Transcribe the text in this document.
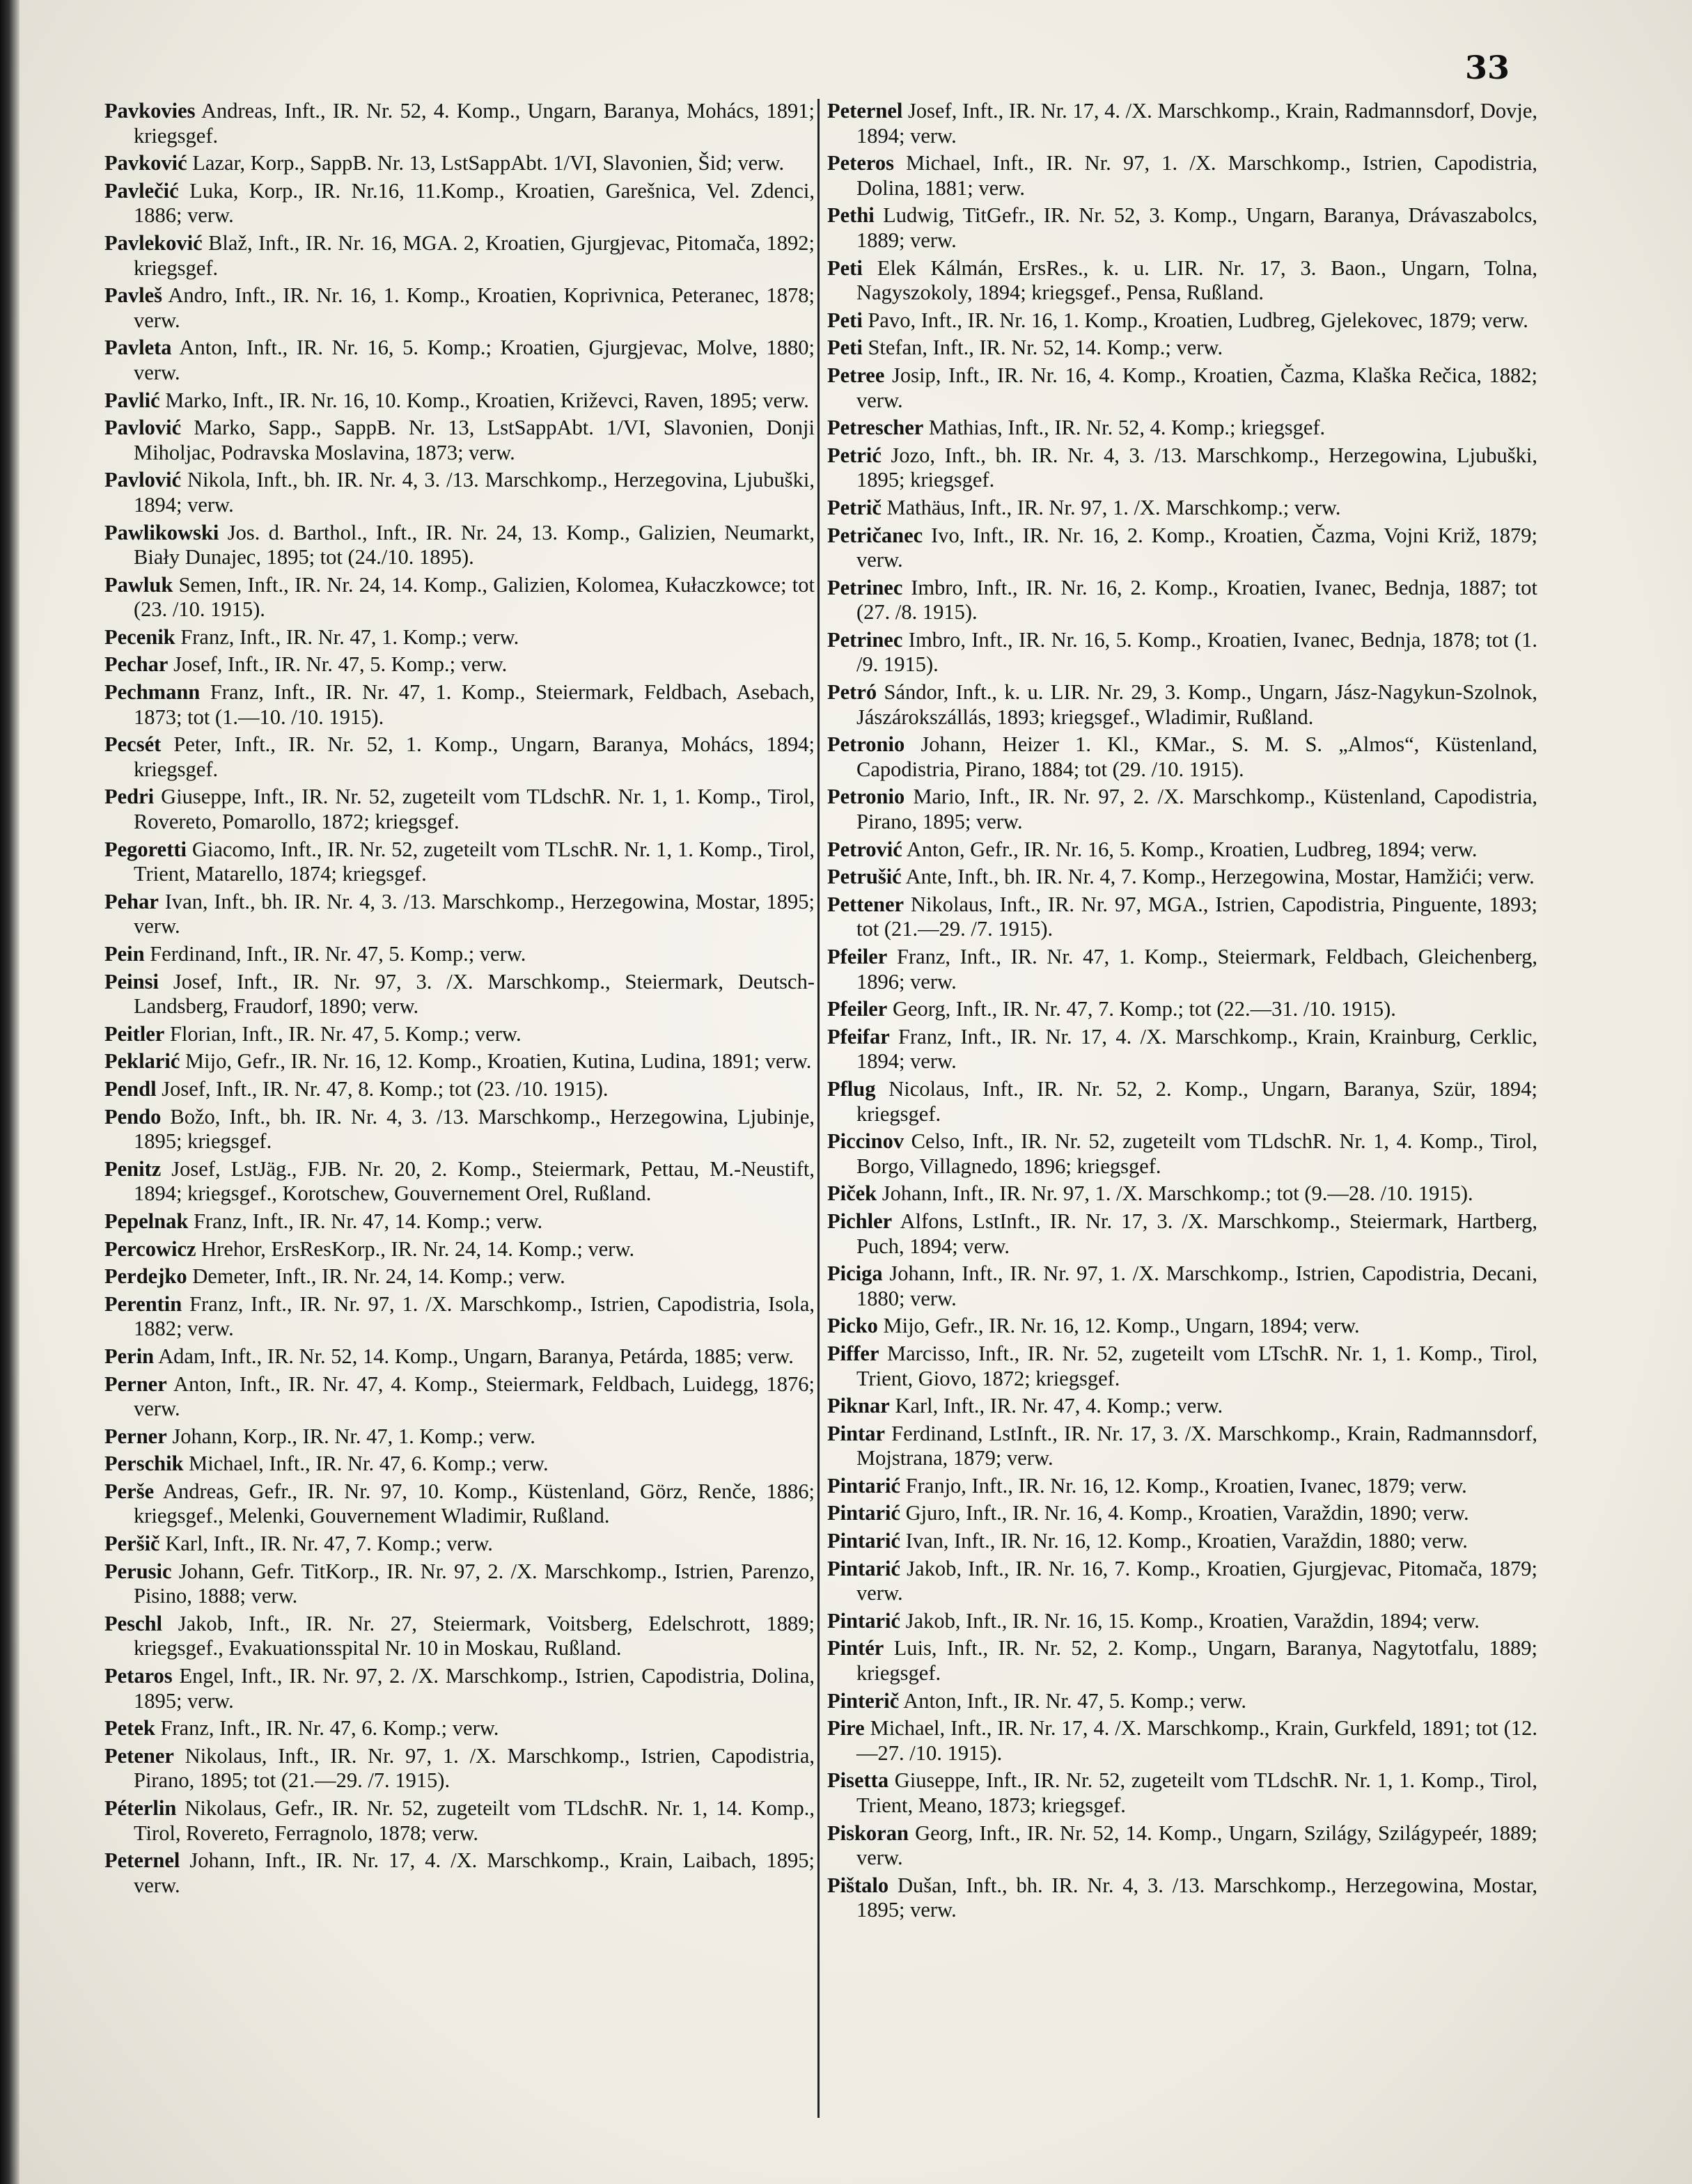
33

Pavkovies Andreas, Inft., IR. Nr. 52, 4. Komp., Ungarn, Baranya, Mohács, 1891; kriegsgef.

Pavković Lazar, Korp., SappB. Nr. 13, LstSappAbt. 1/VI, Slavonien, Šid; verw.

Pavlečić Luka, Korp., IR. Nr.16, 11.Komp., Kroatien, Garešnica, Vel. Zdenci, 1886; verw.

Pavleković Blaž, Inft., IR. Nr. 16, MGA. 2, Kroatien, Gjurgjevac, Pitomača, 1892; kriegsgef.

Pavleš Andro, Inft., IR. Nr. 16, 1. Komp., Kroatien, Koprivnica, Peteranec, 1878; verw.

Pavleta Anton, Inft., IR. Nr. 16, 5. Komp.; Kroatien, Gjurgjevac, Molve, 1880; verw.

Pavlić Marko, Inft., IR. Nr. 16, 10. Komp., Kroatien, Križevci, Raven, 1895; verw.

Pavlović Marko, Sapp., SappB. Nr. 13, LstSappAbt. 1/VI, Slavonien, Donji Miholjac, Podravska Moslavina, 1873; verw.

Pavlović Nikola, Inft., bh. IR. Nr. 4, 3. /13. Marschkomp., Herzegovina, Ljubuški, 1894; verw.

Pawlikowski Jos. d. Barthol., Inft., IR. Nr. 24, 13. Komp., Galizien, Neumarkt, Biały Dunajec, 1895; tot (24./10. 1895).

Pawluk Semen, Inft., IR. Nr. 24, 14. Komp., Galizien, Kolomea, Kułaczkowce; tot (23. /10. 1915).

Pecenik Franz, Inft., IR. Nr. 47, 1. Komp.; verw.

Pechar Josef, Inft., IR. Nr. 47, 5. Komp.; verw.

Pechmann Franz, Inft., IR. Nr. 47, 1. Komp., Steiermark, Feldbach, Asebach, 1873; tot (1.—10. /10. 1915).

Pecsét Peter, Inft., IR. Nr. 52, 1. Komp., Ungarn, Baranya, Mohács, 1894; kriegsgef.

Pedri Giuseppe, Inft., IR. Nr. 52, zugeteilt vom TLdschR. Nr. 1, 1. Komp., Tirol, Rovereto, Pomarollo, 1872; kriegsgef.

Pegoretti Giacomo, Inft., IR. Nr. 52, zugeteilt vom TLschR. Nr. 1, 1. Komp., Tirol, Trient, Matarello, 1874; kriegsgef.

Pehar Ivan, Inft., bh. IR. Nr. 4, 3. /13. Marschkomp., Herzegowina, Mostar, 1895; verw.

Pein Ferdinand, Inft., IR. Nr. 47, 5. Komp.; verw.

Peinsi Josef, Inft., IR. Nr. 97, 3. /X. Marschkomp., Steiermark, Deutsch-Landsberg, Fraudorf, 1890; verw.

Peitler Florian, Inft., IR. Nr. 47, 5. Komp.; verw.

Peklarić Mijo, Gefr., IR. Nr. 16, 12. Komp., Kroatien, Kutina, Ludina, 1891; verw.

Pendl Josef, Inft., IR. Nr. 47, 8. Komp.; tot (23. /10. 1915).

Pendo Božo, Inft., bh. IR. Nr. 4, 3. /13. Marschkomp., Herzegowina, Ljubinje, 1895; kriegsgef.

Penitz Josef, LstJäg., FJB. Nr. 20, 2. Komp., Steiermark, Pettau, M.-Neustift, 1894; kriegsgef., Korotschew, Gouvernement Orel, Rußland.

Pepelnak Franz, Inft., IR. Nr. 47, 14. Komp.; verw.

Percowicz Hrehor, ErsResKorp., IR. Nr. 24, 14. Komp.; verw.

Perdejko Demeter, Inft., IR. Nr. 24, 14. Komp.; verw.

Perentin Franz, Inft., IR. Nr. 97, 1. /X. Marschkomp., Istrien, Capodistria, Isola, 1882; verw.

Perin Adam, Inft., IR. Nr. 52, 14. Komp., Ungarn, Baranya, Petárda, 1885; verw.

Perner Anton, Inft., IR. Nr. 47, 4. Komp., Steiermark, Feldbach, Luidegg, 1876; verw.

Perner Johann, Korp., IR. Nr. 47, 1. Komp.; verw.

Perschik Michael, Inft., IR. Nr. 47, 6. Komp.; verw.

Perše Andreas, Gefr., IR. Nr. 97, 10. Komp., Küstenland, Görz, Renče, 1886; kriegsgef., Melenki, Gouvernement Wladimir, Rußland.

Peršič Karl, Inft., IR. Nr. 47, 7. Komp.; verw.

Perusic Johann, Gefr. TitKorp., IR. Nr. 97, 2. /X. Marschkomp., Istrien, Parenzo, Pisino, 1888; verw.

Peschl Jakob, Inft., IR. Nr. 27, Steiermark, Voitsberg, Edelschrott, 1889; kriegsgef., Evakuationsspital Nr. 10 in Moskau, Rußland.

Petaros Engel, Inft., IR. Nr. 97, 2. /X. Marschkomp., Istrien, Capodistria, Dolina, 1895; verw.

Petek Franz, Inft., IR. Nr. 47, 6. Komp.; verw.

Petener Nikolaus, Inft., IR. Nr. 97, 1. /X. Marschkomp., Istrien, Capodistria, Pirano, 1895; tot (21.—29. /7. 1915).

Péterlin Nikolaus, Gefr., IR. Nr. 52, zugeteilt vom TLdschR. Nr. 1, 14. Komp., Tirol, Rovereto, Ferragnolo, 1878; verw.

Peternel Johann, Inft., IR. Nr. 17, 4. /X. Marschkomp., Krain, Laibach, 1895; verw.

Peternel Josef, Inft., IR. Nr. 17, 4. /X. Marschkomp., Krain, Radmannsdorf, Dovje, 1894; verw.

Peteros Michael, Inft., IR. Nr. 97, 1. /X. Marschkomp., Istrien, Capodistria, Dolina, 1881; verw.

Pethi Ludwig, TitGefr., IR. Nr. 52, 3. Komp., Ungarn, Baranya, Drávaszabolcs, 1889; verw.

Peti Elek Kálmán, ErsRes., k. u. LIR. Nr. 17, 3. Baon., Ungarn, Tolna, Nagyszokoly, 1894; kriegsgef., Pensa, Rußland.

Peti Pavo, Inft., IR. Nr. 16, 1. Komp., Kroatien, Ludbreg, Gjelekovec, 1879; verw.

Peti Stefan, Inft., IR. Nr. 52, 14. Komp.; verw.

Petree Josip, Inft., IR. Nr. 16, 4. Komp., Kroatien, Čazma, Klaška Rečica, 1882; verw.

Petrescher Mathias, Inft., IR. Nr. 52, 4. Komp.; kriegsgef.

Petrić Jozo, Inft., bh. IR. Nr. 4, 3. /13. Marschkomp., Herzegowina, Ljubuški, 1895; kriegsgef.

Petrič Mathäus, Inft., IR. Nr. 97, 1. /X. Marschkomp.; verw.

Petričanec Ivo, Inft., IR. Nr. 16, 2. Komp., Kroatien, Čazma, Vojni Križ, 1879; verw.

Petrinec Imbro, Inft., IR. Nr. 16, 2. Komp., Kroatien, Ivanec, Bednja, 1887; tot (27. /8. 1915).

Petrinec Imbro, Inft., IR. Nr. 16, 5. Komp., Kroatien, Ivanec, Bednja, 1878; tot (1. /9. 1915).

Petró Sándor, Inft., k. u. LIR. Nr. 29, 3. Komp., Ungarn, Jász-Nagykun-Szolnok, Jászárokszállás, 1893; kriegsgef., Wladimir, Rußland.

Petronio Johann, Heizer 1. Kl., KMar., S. M. S. „Almos“, Küstenland, Capodistria, Pirano, 1884; tot (29. /10. 1915).

Petronio Mario, Inft., IR. Nr. 97, 2. /X. Marschkomp., Küstenland, Capodistria, Pirano, 1895; verw.

Petrović Anton, Gefr., IR. Nr. 16, 5. Komp., Kroatien, Ludbreg, 1894; verw.

Petrušić Ante, Inft., bh. IR. Nr. 4, 7. Komp., Herzegowina, Mostar, Hamžići; verw.

Pettener Nikolaus, Inft., IR. Nr. 97, MGA., Istrien, Capodistria, Pinguente, 1893; tot (21.—29. /7. 1915).

Pfeiler Franz, Inft., IR. Nr. 47, 1. Komp., Steiermark, Feldbach, Gleichenberg, 1896; verw.

Pfeiler Georg, Inft., IR. Nr. 47, 7. Komp.; tot (22.—31. /10. 1915).

Pfeifar Franz, Inft., IR. Nr. 17, 4. /X. Marschkomp., Krain, Krainburg, Cerklic, 1894; verw.

Pflug Nicolaus, Inft., IR. Nr. 52, 2. Komp., Ungarn, Baranya, Szür, 1894; kriegsgef.

Piccinov Celso, Inft., IR. Nr. 52, zugeteilt vom TLdschR. Nr. 1, 4. Komp., Tirol, Borgo, Villagnedo, 1896; kriegsgef.

Piček Johann, Inft., IR. Nr. 97, 1. /X. Marschkomp.; tot (9.—28. /10. 1915).

Pichler Alfons, LstInft., IR. Nr. 17, 3. /X. Marschkomp., Steiermark, Hartberg, Puch, 1894; verw.

Piciga Johann, Inft., IR. Nr. 97, 1. /X. Marschkomp., Istrien, Capodistria, Decani, 1880; verw.

Picko Mijo, Gefr., IR. Nr. 16, 12. Komp., Ungarn, 1894; verw.

Piffer Marcisso, Inft., IR. Nr. 52, zugeteilt vom LTschR. Nr. 1, 1. Komp., Tirol, Trient, Giovo, 1872; kriegsgef.

Piknar Karl, Inft., IR. Nr. 47, 4. Komp.; verw.

Pintar Ferdinand, LstInft., IR. Nr. 17, 3. /X. Marschkomp., Krain, Radmannsdorf, Mojstrana, 1879; verw.

Pintarić Franjo, Inft., IR. Nr. 16, 12. Komp., Kroatien, Ivanec, 1879; verw.

Pintarić Gjuro, Inft., IR. Nr. 16, 4. Komp., Kroatien, Varaždin, 1890; verw.

Pintarić Ivan, Inft., IR. Nr. 16, 12. Komp., Kroatien, Varaždin, 1880; verw.

Pintarić Jakob, Inft., IR. Nr. 16, 7. Komp., Kroatien, Gjurgjevac, Pitomača, 1879; verw.

Pintarić Jakob, Inft., IR. Nr. 16, 15. Komp., Kroatien, Varaždin, 1894; verw.

Pintér Luis, Inft., IR. Nr. 52, 2. Komp., Ungarn, Baranya, Nagytotfalu, 1889; kriegsgef.

Pinterič Anton, Inft., IR. Nr. 47, 5. Komp.; verw.

Pire Michael, Inft., IR. Nr. 17, 4. /X. Marschkomp., Krain, Gurkfeld, 1891; tot (12.—27. /10. 1915).

Pisetta Giuseppe, Inft., IR. Nr. 52, zugeteilt vom TLdschR. Nr. 1, 1. Komp., Tirol, Trient, Meano, 1873; kriegsgef.

Piskoran Georg, Inft., IR. Nr. 52, 14. Komp., Ungarn, Szilágy, Szilágypeér, 1889; verw.

Pištalo Dušan, Inft., bh. IR. Nr. 4, 3. /13. Marschkomp., Herzegowina, Mostar, 1895; verw.
